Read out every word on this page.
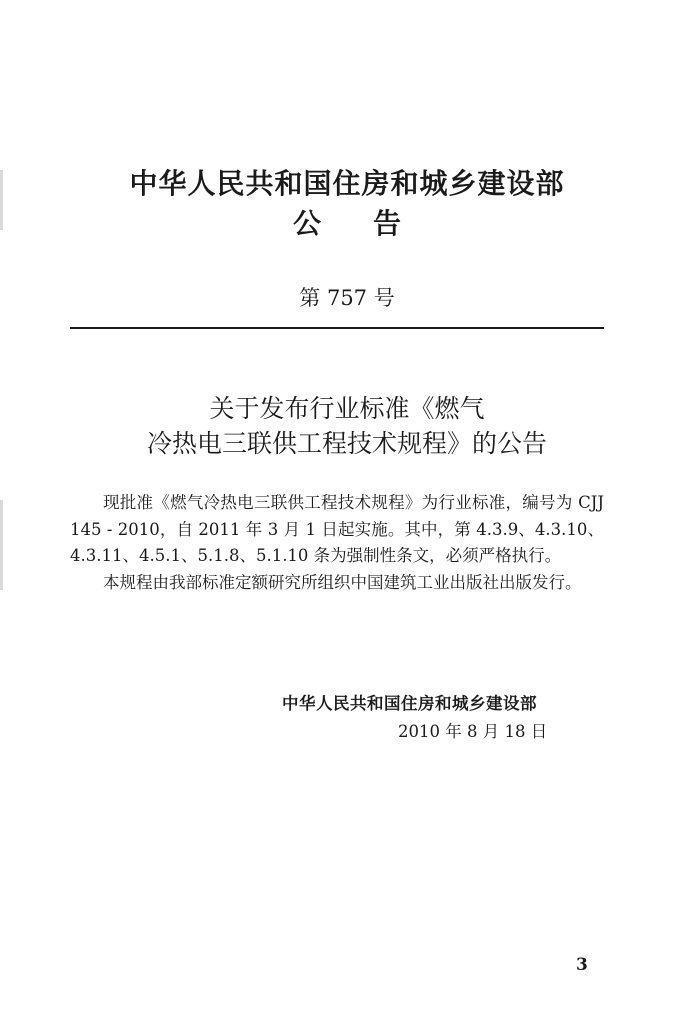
中华人民共和国住房和城乡建设部
公告
第 757 号
关于发布行业标准《燃气
冷热电三联供工程技术规程》的公告

现批准《燃气冷热电三联供工程技术规程》为行业标准，编号为 CJJ 145 - 2010，自 2011 年 3 月 1 日起实施。其中，第 4.3.9、4.3.10、4.3.11、4.5.1、5.1.8、5.1.10 条为强制性条文，必须严格执行。

本规程由我部标准定额研究所组织中国建筑工业出版社出版发行。

中华人民共和国住房和城乡建设部
2010 年 8 月 18 日
3
